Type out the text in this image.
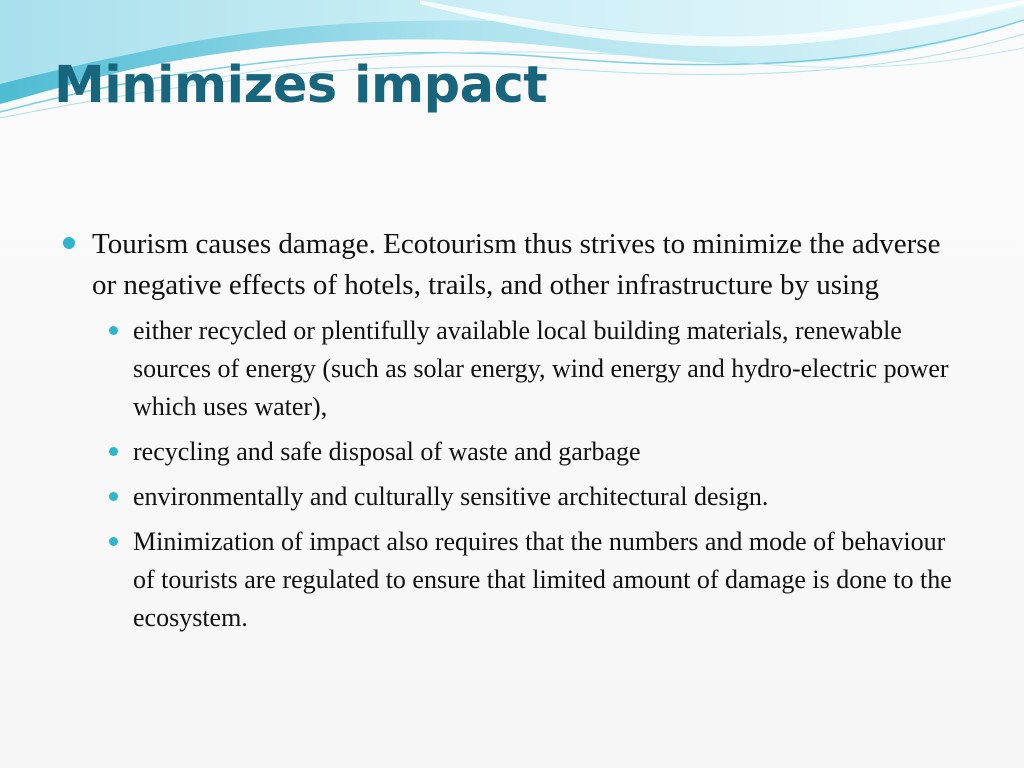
Minimizes impact
Tourism causes damage. Ecotourism thus strives to minimize the adverse or negative effects of hotels, trails, and other infrastructure by using
either recycled or plentifully available local building materials, renewable sources of energy (such as solar energy, wind energy and hydro-electric power which uses water),
recycling and safe disposal of waste and garbage
environmentally and culturally sensitive architectural design.
Minimization of impact also requires that the numbers and mode of behaviour of tourists are regulated to ensure that limited amount of damage is done to the ecosystem.
